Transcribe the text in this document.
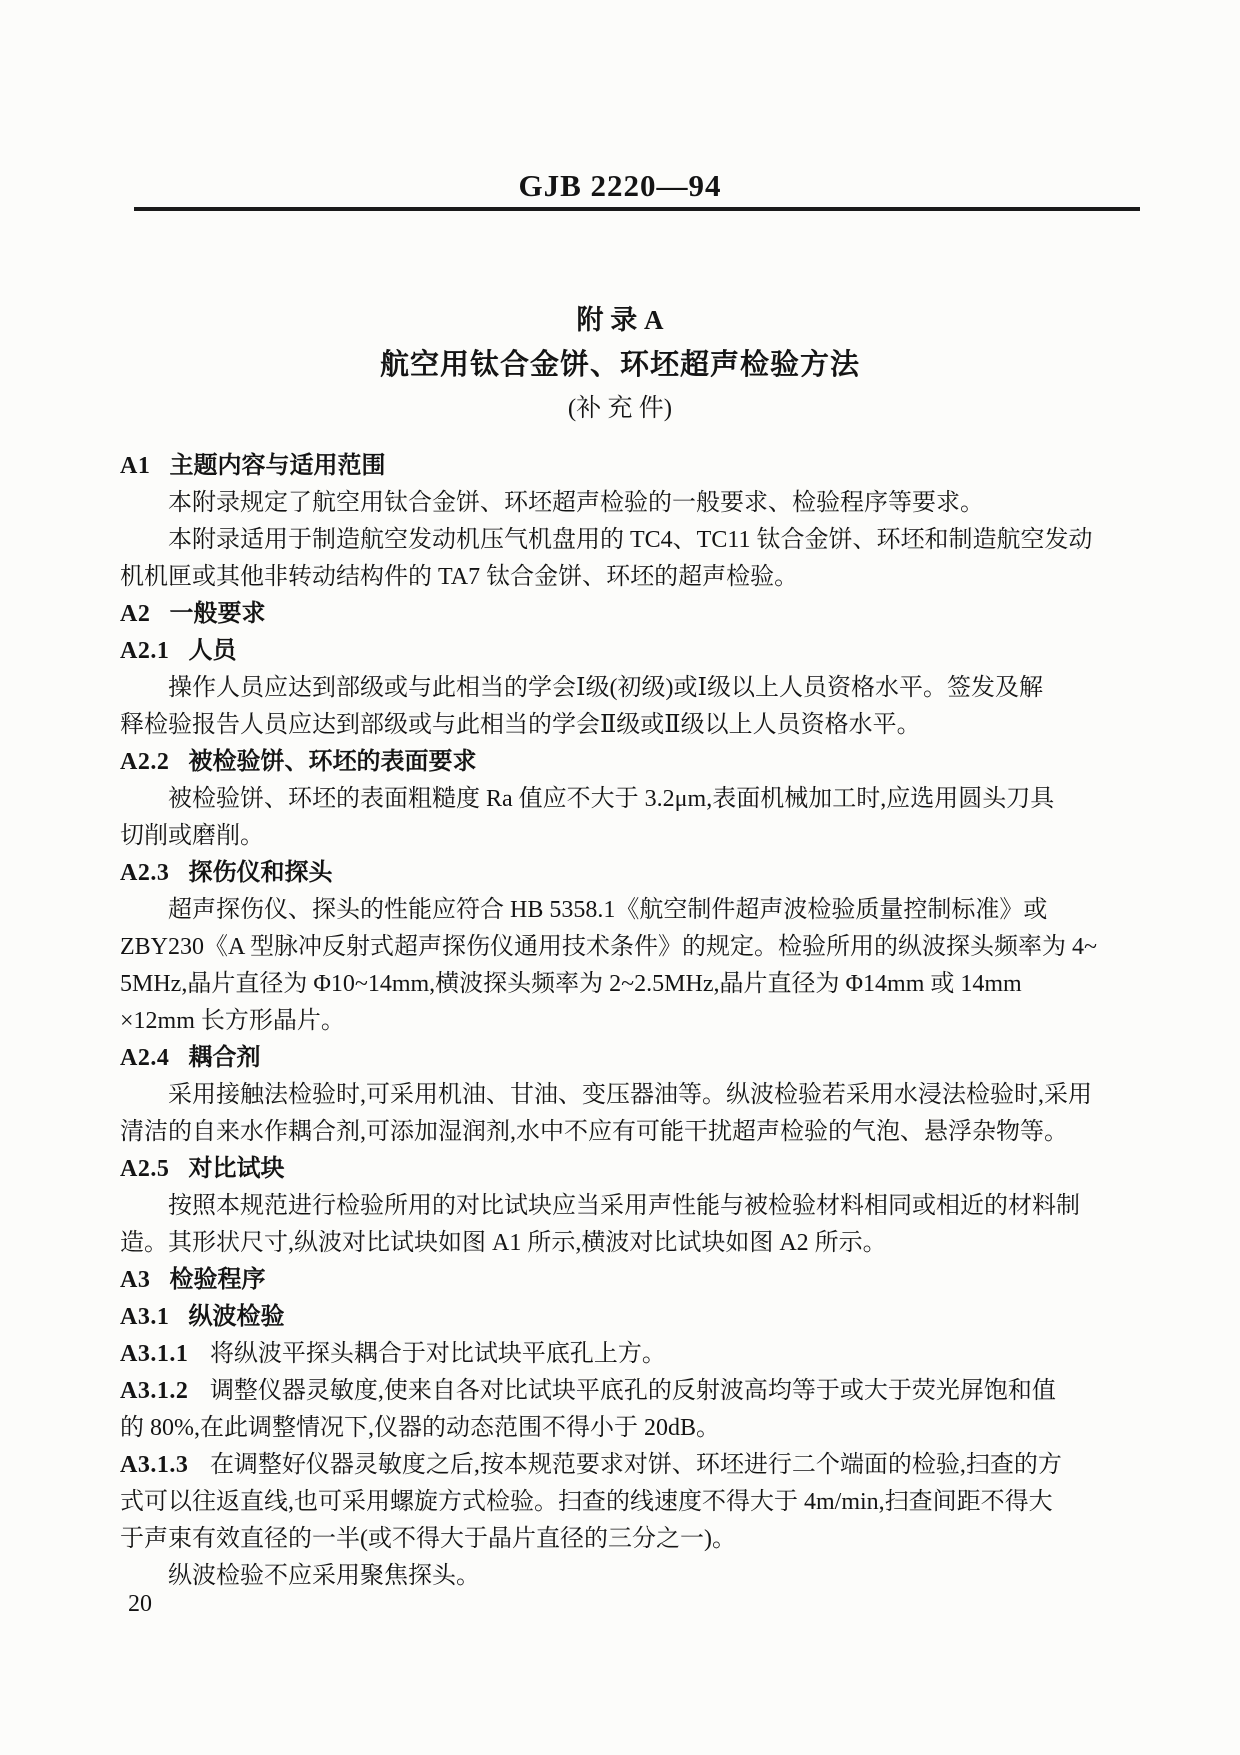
GJB 2220—94
附 录 A
航空用钛合金饼、环坯超声检验方法
(补 充 件)
A1 主题内容与适用范围
本附录规定了航空用钛合金饼、环坯超声检验的一般要求、检验程序等要求。
本附录适用于制造航空发动机压气机盘用的 TC4、TC11 钛合金饼、环坯和制造航空发动
机机匣或其他非转动结构件的 TA7 钛合金饼、环坯的超声检验。
A2 一般要求
A2.1 人员
操作人员应达到部级或与此相当的学会Ⅰ级(初级)或Ⅰ级以上人员资格水平。签发及解
释检验报告人员应达到部级或与此相当的学会Ⅱ级或Ⅱ级以上人员资格水平。
A2.2 被检验饼、环坯的表面要求
被检验饼、环坯的表面粗糙度 Ra 值应不大于 3.2μm,表面机械加工时,应选用圆头刀具
切削或磨削。
A2.3 探伤仪和探头
超声探伤仪、探头的性能应符合 HB 5358.1《航空制件超声波检验质量控制标准》或
ZBY230《A 型脉冲反射式超声探伤仪通用技术条件》的规定。检验所用的纵波探头频率为 4~
5MHz,晶片直径为 Φ10~14mm,横波探头频率为 2~2.5MHz,晶片直径为 Φ14mm 或 14mm
×12mm 长方形晶片。
A2.4 耦合剂
采用接触法检验时,可采用机油、甘油、变压器油等。纵波检验若采用水浸法检验时,采用
清洁的自来水作耦合剂,可添加湿润剂,水中不应有可能干扰超声检验的气泡、悬浮杂物等。
A2.5 对比试块
按照本规范进行检验所用的对比试块应当采用声性能与被检验材料相同或相近的材料制
造。其形状尺寸,纵波对比试块如图 A1 所示,横波对比试块如图 A2 所示。
A3 检验程序
A3.1 纵波检验
A3.1.1 将纵波平探头耦合于对比试块平底孔上方。
A3.1.2 调整仪器灵敏度,使来自各对比试块平底孔的反射波高均等于或大于荧光屏饱和值
的 80%,在此调整情况下,仪器的动态范围不得小于 20dB。
A3.1.3 在调整好仪器灵敏度之后,按本规范要求对饼、环坯进行二个端面的检验,扫查的方
式可以往返直线,也可采用螺旋方式检验。扫查的线速度不得大于 4m/min,扫查间距不得大
于声束有效直径的一半(或不得大于晶片直径的三分之一)。
纵波检验不应采用聚焦探头。
20
